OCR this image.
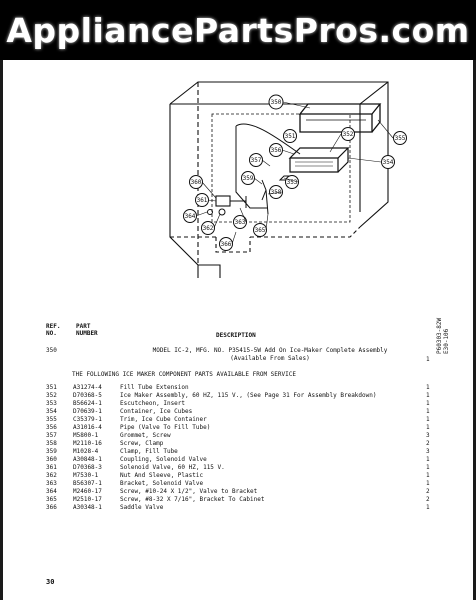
AppliancePartsPros.com
350
351	352
353
354
355
356
357
358
359
360
361
362
363
364
365
366
P60303-82W
E30-106
REF.
NO.
PART
NUMBER	DESCRIPTION
350	MODEL IC-2, MFG. NO. P35415-5W Add On Ice-Maker Complete Assembly
(Available From Sales)	1
THE FOLLOWING ICE MAKER COMPONENT PARTS AVAILABLE FROM SERVICE
351	A31274-4	Fill Tube Extension	1
352	D70368-5	Ice Maker Assembly, 60 HZ, 115 V., (See Page 31 For Assembly Breakdown)	1
353	B56624-1	Escutcheon, Insert	1
354	D70639-1	Container, Ice Cubes	1
355	C35379-1	Trim, Ice Cube Container	1
356	A31016-4	Pipe (Valve To Fill Tube)	1
357	M5800-1	Grommet, Screw	3
358	M2110-16	Screw, Clamp	2
359	M1028-4	Clamp, Fill Tube	3
360	A30848-1	Coupling, Solenoid Valve	1
361	D70368-3	Solenoid Valve, 60 HZ, 115 V.	1
362	M7530-1	Nut And Sleeve, Plastic	1
363	B56307-1	Bracket, Solenoid Valve	1
364	M2460-17	Screw, #10-24 X 1/2", Valve to Bracket	2
365	M2510-17	Screw, #8-32 X 7/16", Bracket To Cabinet	2
366	A30348-1	Saddle Valve	1
30
